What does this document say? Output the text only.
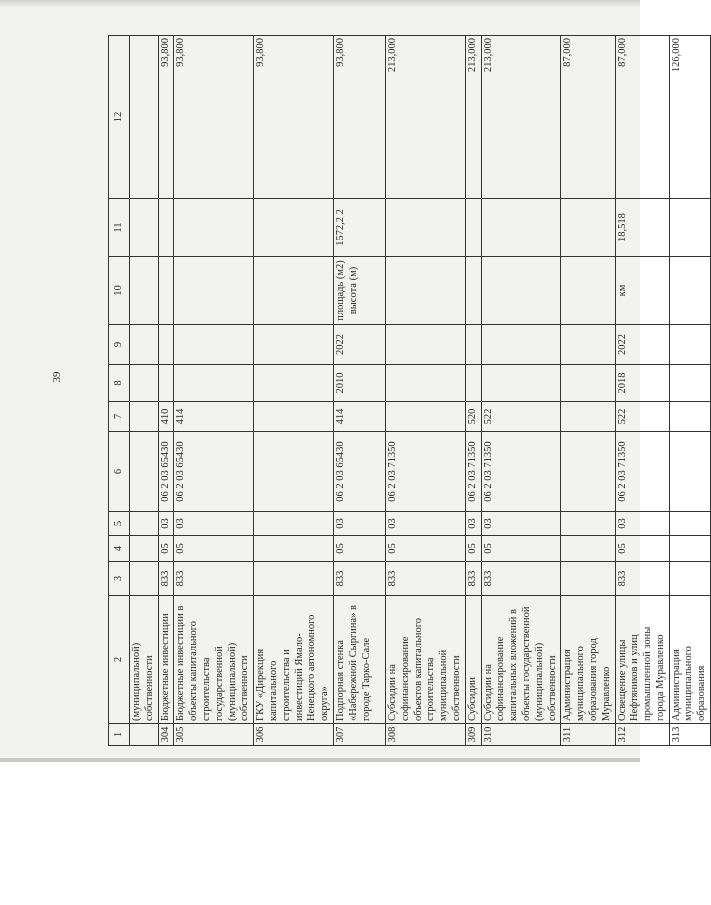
39
1	2	3	4	5	6	7	8	9	10	11	12
	(муниципальной) собственности										
304	Бюджетные инвестиции	833	05	03	06 2 03 65430	410					93,800
305	Бюджетные инвестиции в объекты капитального строительства государственной (муниципальной) собственности	833	05	03	06 2 03 65430	414					93,800
306	ГКУ «Дирекция капитального строительства и инвестиций Ямало-Ненецкого автономного округа»										93,800
307	Подпорная стенка «Набережной Сыргина» в городе Тарко-Сале	833	05	03	06 2 03 65430	414	2010	2022	площадь (м2) высота (м)	1572,2 2	93,800
308	Субсидии на софинансирование объектов капитального строительства муниципальной собственности	833	05	03	06 2 03 71350						213,000
309	Субсидии	833	05	03	06 2 03 71350	520					213,000
310	Субсидии на софинансирование капитальных вложений в объекты государственной (муниципальной) собственности	833	05	03	06 2 03 71350	522					213,000
311	Администрация муниципального образования город Муравленко										87,000
312	Освещение улицы Нефтяников и улиц промышленной зоны города Муравленко	833	05	03	06 2 03 71350	522	2018	2022	км	18,518	87,000
313	Администрация муниципального образования										126,000
